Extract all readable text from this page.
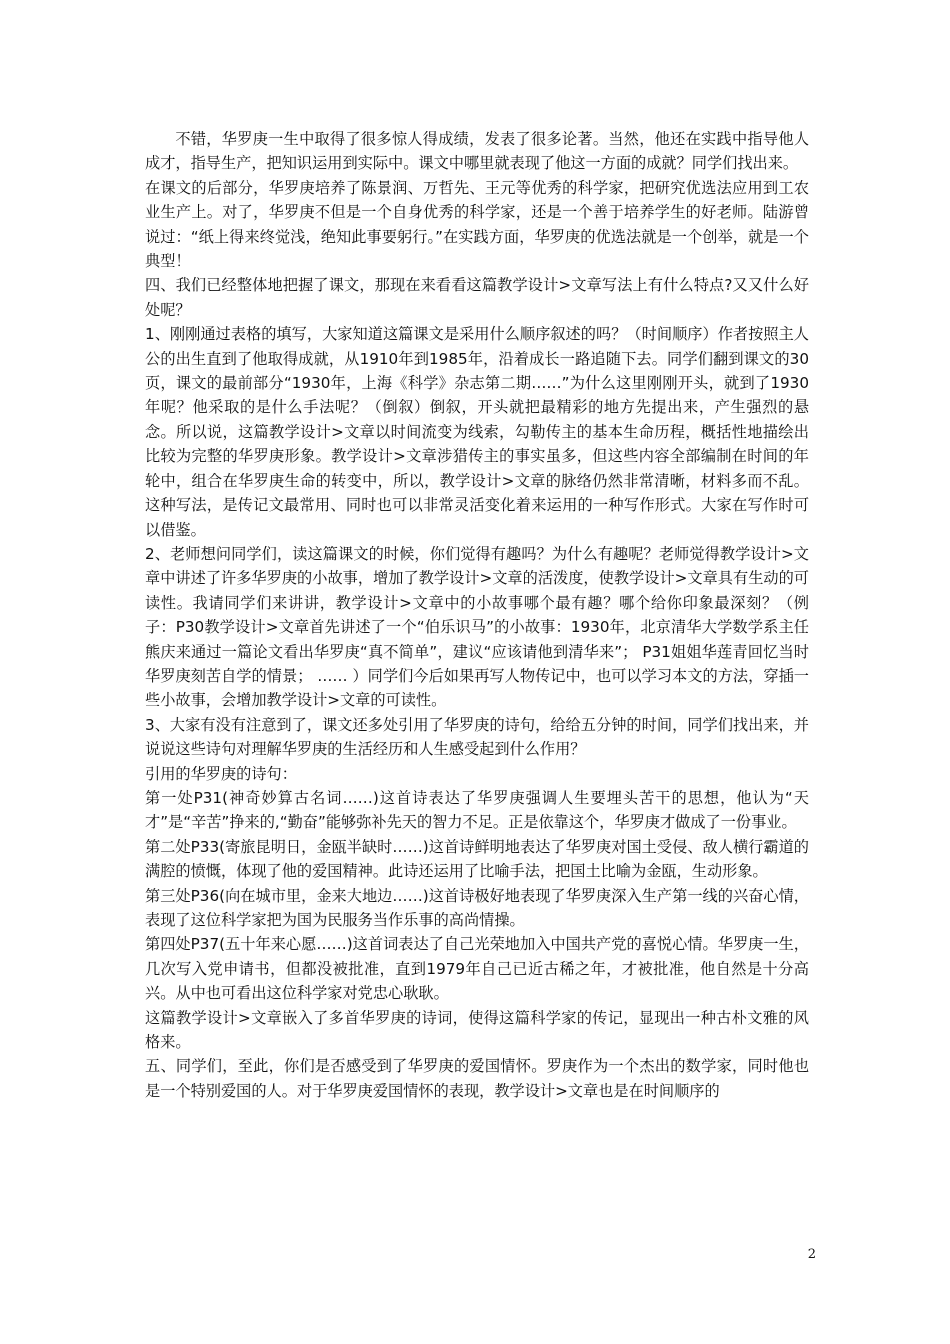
不错，华罗庚一生中取得了很多惊人得成绩，发表了很多论著。当然，他还在实践中指导他人成才，指导生产，把知识运用到实际中。课文中哪里就表现了他这一方面的成就？同学们找出来。

在课文的后部分，华罗庚培养了陈景润、万哲先、王元等优秀的科学家，把研究优选法应用到工农业生产上。对了，华罗庚不但是一个自身优秀的科学家，还是一个善于培养学生的好老师。陆游曾说过：“纸上得来终觉浅，绝知此事要躬行。”在实践方面，华罗庚的优选法就是一个创举，就是一个典型！

四、我们已经整体地把握了课文，那现在来看看这篇教学设计>文章写法上有什么特点?又又什么好处呢？

1、刚刚通过表格的填写，大家知道这篇课文是采用什么顺序叙述的吗？（时间顺序）作者按照主人公的出生直到了他取得成就，从1910年到1985年，沿着成长一路追随下去。同学们翻到课文的30页，课文的最前部分“1930年，上海《科学》杂志第二期……”为什么这里刚刚开头，就到了1930年呢？他采取的是什么手法呢？（倒叙）倒叙，开头就把最精彩的地方先提出来，产生强烈的悬念。所以说，这篇教学设计>文章以时间流变为线索，勾勒传主的基本生命历程，概括性地描绘出比较为完整的华罗庚形象。教学设计>文章涉猎传主的事实虽多，但这些内容全部编制在时间的年轮中，组合在华罗庚生命的转变中，所以，教学设计>文章的脉络仍然非常清晰，材料多而不乱。这种写法，是传记文最常用、同时也可以非常灵活变化着来运用的一种写作形式。大家在写作时可以借鉴。

2、老师想问同学们，读这篇课文的时候，你们觉得有趣吗？为什么有趣呢？老师觉得教学设计>文章中讲述了许多华罗庚的小故事，增加了教学设计>文章的活泼度，使教学设计>文章具有生动的可读性。我请同学们来讲讲，教学设计>文章中的小故事哪个最有趣？哪个给你印象最深刻？（例子：P30教学设计>文章首先讲述了一个“伯乐识马”的小故事：1930年，北京清华大学数学系主任熊庆来通过一篇论文看出华罗庚“真不简单”，建议“应该请他到清华来”； P31姐姐华莲青回忆当时华罗庚刻苦自学的情景； …… ）同学们今后如果再写人物传记中，也可以学习本文的方法，穿插一些小故事，会增加教学设计>文章的可读性。

3、大家有没有注意到了，课文还多处引用了华罗庚的诗句，给给五分钟的时间，同学们找出来，并说说这些诗句对理解华罗庚的生活经历和人生感受起到什么作用？

引用的华罗庚的诗句：

第一处P31(神奇妙算古名词……)这首诗表达了华罗庚强调人生要埋头苦干的思想，他认为“天才”是“辛苦”挣来的,“勤奋”能够弥补先天的智力不足。正是依靠这个，华罗庚才做成了一份事业。

第二处P33(寄旅昆明日，金瓯半缺时……)这首诗鲜明地表达了华罗庚对国土受侵、敌人横行霸道的满腔的愤慨，体现了他的爱国精神。此诗还运用了比喻手法，把国土比喻为金瓯，生动形象。

第三处P36(向在城市里，金来大地边……)这首诗极好地表现了华罗庚深入生产第一线的兴奋心情，表现了这位科学家把为国为民服务当作乐事的高尚情操。

第四处P37(五十年来心愿……)这首词表达了自己光荣地加入中国共产党的喜悦心情。华罗庚一生，几次写入党申请书，但都没被批准，直到1979年自己已近古稀之年，才被批准，他自然是十分高兴。从中也可看出这位科学家对党忠心耿耿。

这篇教学设计>文章嵌入了多首华罗庚的诗词，使得这篇科学家的传记，显现出一种古朴文雅的风格来。

五、同学们，至此，你们是否感受到了华罗庚的爱国情怀。罗庚作为一个杰出的数学家，同时他也是一个特别爱国的人。对于华罗庚爱国情怀的表现，教学设计>文章也是在时间顺序的

2
